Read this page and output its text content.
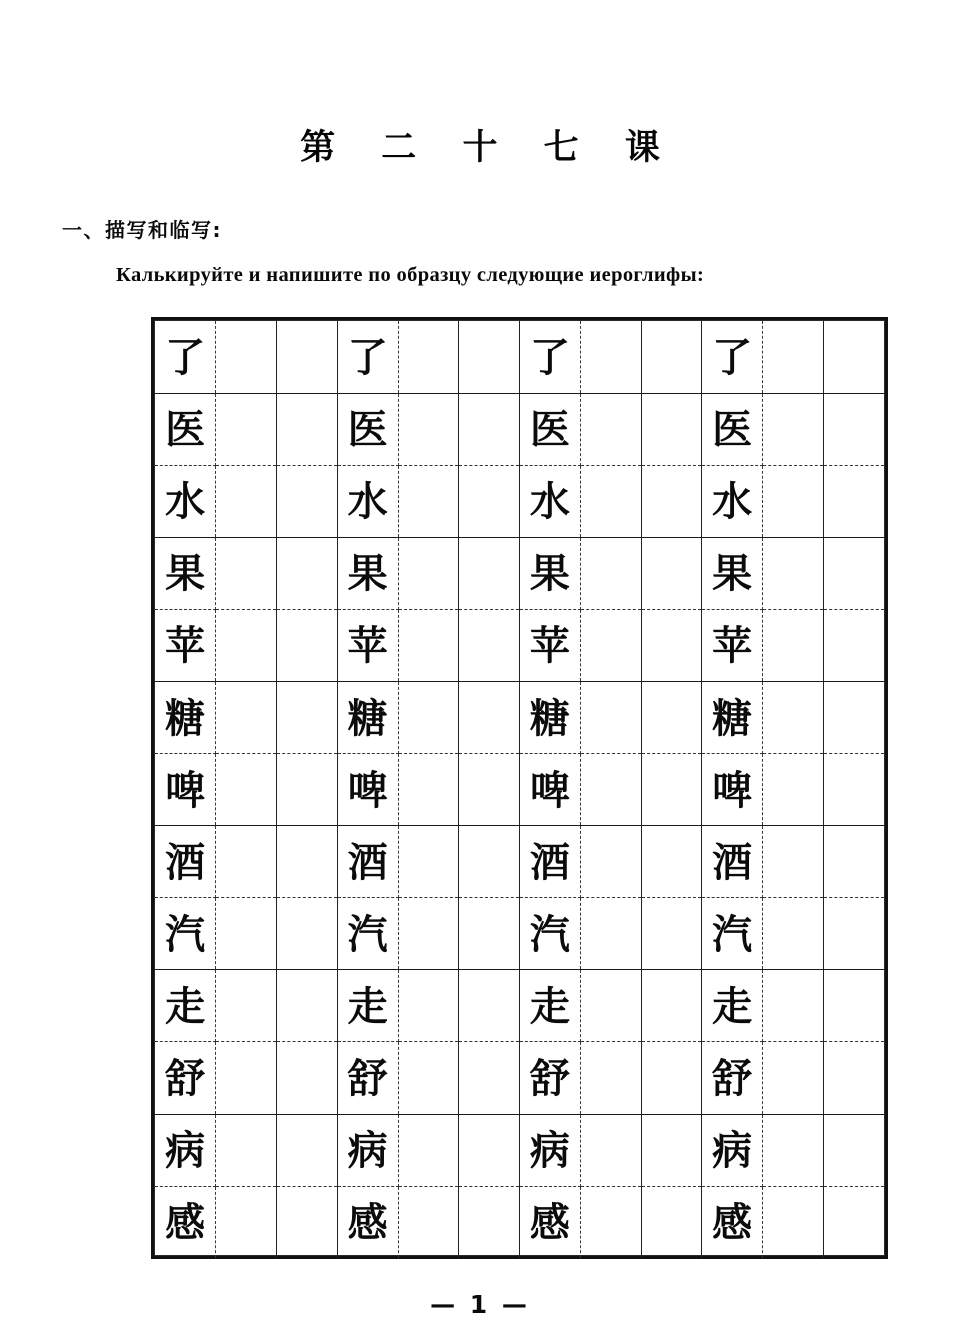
第 二 十 七 课
一、描写和临写:
Калькируйте и напишите по образцу следующие иероглифы:
了			了			了			了		
医			医			医			医		
水			水			水			水		
果			果			果			果		
苹			苹			苹			苹		
糖			糖			糖			糖		
啤			啤			啤			啤		
酒			酒			酒			酒		
汽			汽			汽			汽		
走			走			走			走		
舒			舒			舒			舒		
病			病			病			病		
感			感			感			感		
— 1 —
